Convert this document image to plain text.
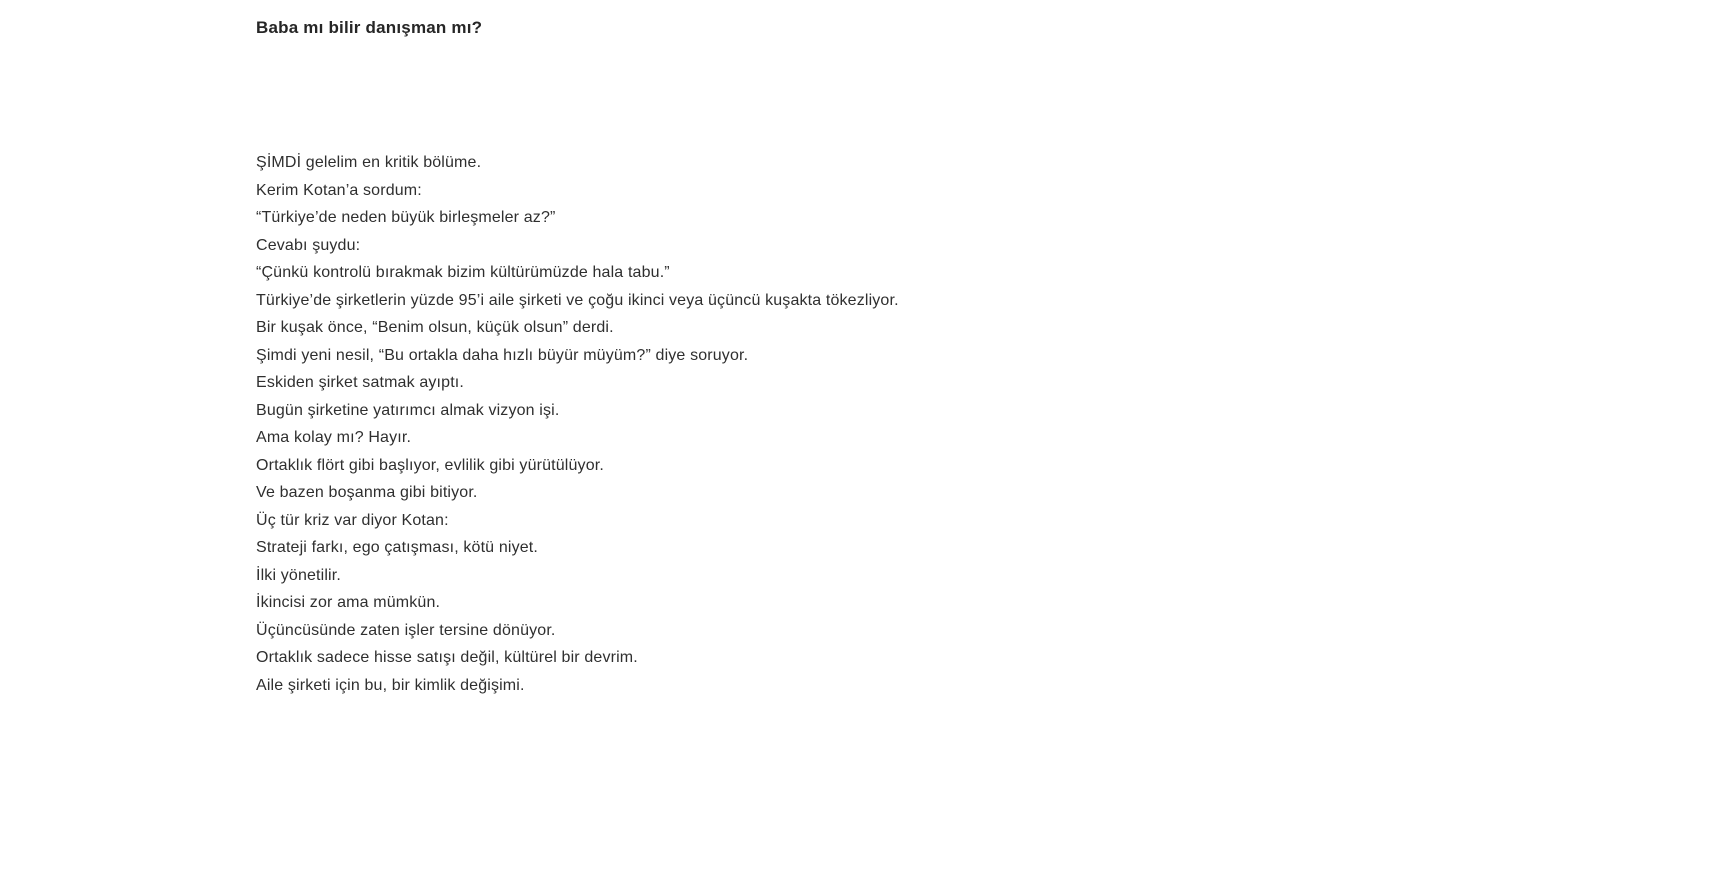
Baba mı bilir danışman mı?
ŞİMDİ gelelim en kritik bölüme.
Kerim Kotan’a sordum:
“Türkiye’de neden büyük birleşmeler az?”
Cevabı şuydu:
“Çünkü kontrolü bırakmak bizim kültürümüzde hala tabu.”
Türkiye’de şirketlerin yüzde 95’i aile şirketi ve çoğu ikinci veya üçüncü kuşakta tökezliyor.
Bir kuşak önce, “Benim olsun, küçük olsun” derdi.
Şimdi yeni nesil, “Bu ortakla daha hızlı büyür müyüm?” diye soruyor.
Eskiden şirket satmak ayıptı.
Bugün şirketine yatırımcı almak vizyon işi.
Ama kolay mı? Hayır.
Ortaklık flört gibi başlıyor, evlilik gibi yürütülüyor.
Ve bazen boşanma gibi bitiyor.
Üç tür kriz var diyor Kotan:
Strateji farkı, ego çatışması, kötü niyet.
İlki yönetilir.
İkincisi zor ama mümkün.
Üçüncüsünde zaten işler tersine dönüyor.
Ortaklık sadece hisse satışı değil, kültürel bir devrim.
Aile şirketi için bu, bir kimlik değişimi.
